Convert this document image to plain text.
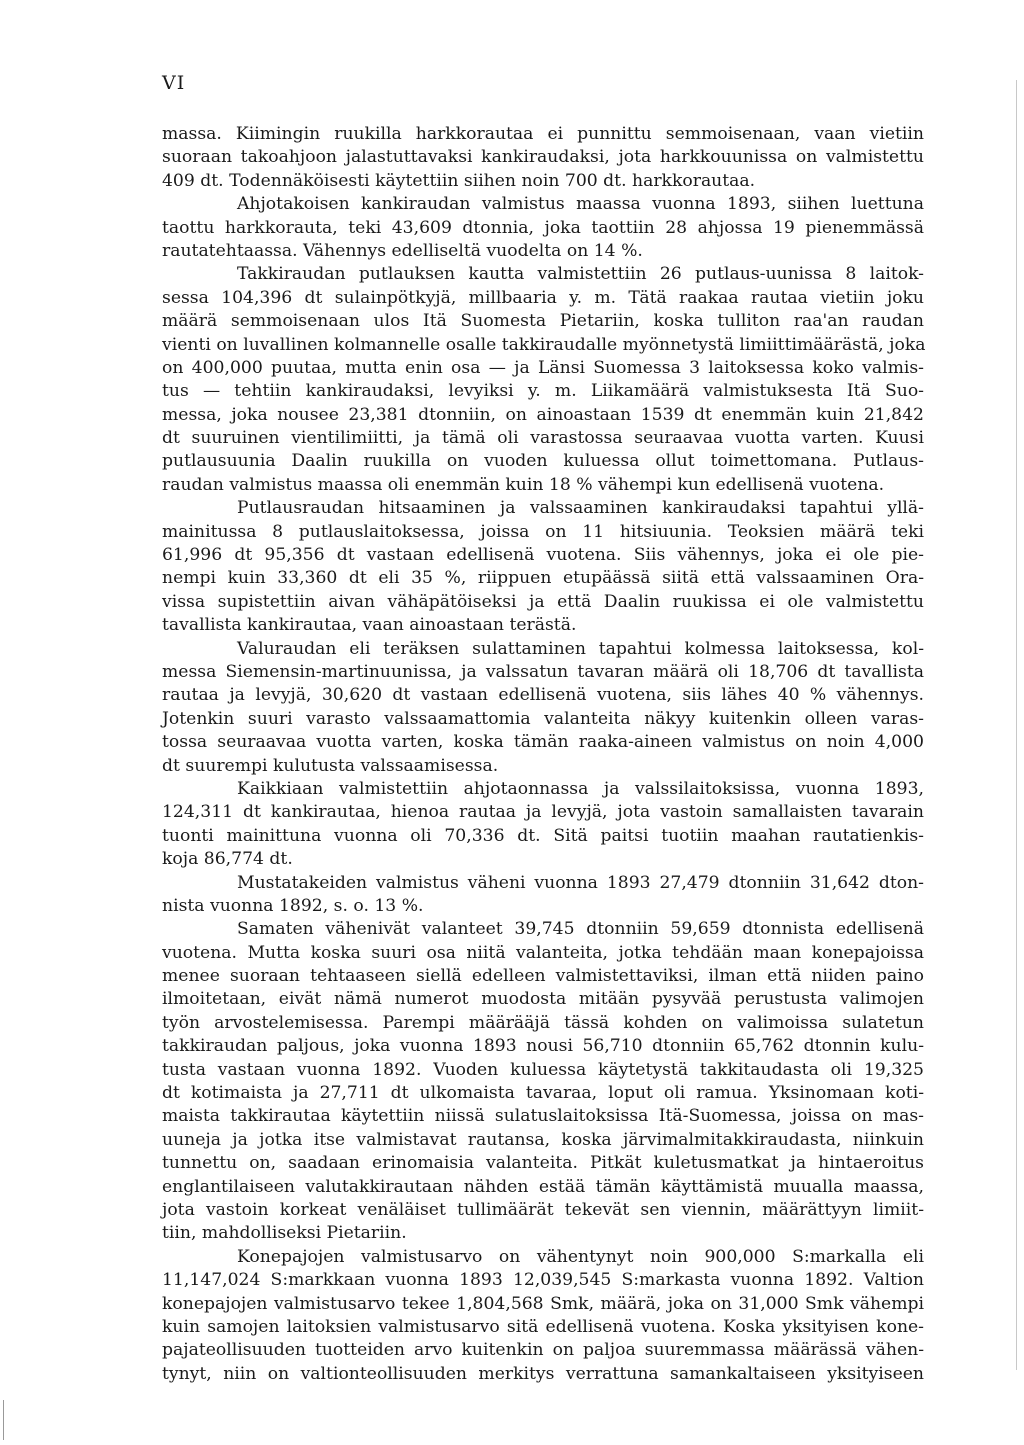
VI
massa. Kiimingin ruukilla harkkorautaa ei punnittu semmoisenaan, vaan vietiin
suoraan takoahjoon jalastuttavaksi kankiraudaksi, jota harkkouunissa on valmistettu
409 dt. Todennäköisesti käytettiin siihen noin 700 dt. harkkorautaa.
Ahjotakoisen kankiraudan valmistus maassa vuonna 1893, siihen luettuna
taottu harkkorauta, teki 43,609 dtonnia, joka taottiin 28 ahjossa 19 pienemmässä
rautatehtaassa. Vähennys edelliseltä vuodelta on 14 %.
Takkiraudan putlauksen kautta valmistettiin 26 putlaus-uunissa 8 laitok-
sessa 104,396 dt sulainpötkyjä, millbaaria y. m. Tätä raakaa rautaa vietiin joku
määrä semmoisenaan ulos Itä Suomesta Pietariin, koska tulliton raa'an raudan
vienti on luvallinen kolmannelle osalle takkiraudalle myönnetystä limiittimäärästä, joka
on 400,000 puutaa, mutta enin osa — ja Länsi Suomessa 3 laitoksessa koko valmis-
tus — tehtiin kankiraudaksi, levyiksi y. m. Liikamäärä valmistuksesta Itä Suo-
messa, joka nousee 23,381 dtonniin, on ainoastaan 1539 dt enemmän kuin 21,842
dt suuruinen vientilimiitti, ja tämä oli varastossa seuraavaa vuotta varten. Kuusi
putlausuunia Daalin ruukilla on vuoden kuluessa ollut toimettomana. Putlaus-
raudan valmistus maassa oli enemmän kuin 18 % vähempi kun edellisenä vuotena.
Putlausraudan hitsaaminen ja valssaaminen kankiraudaksi tapahtui yllä-
mainitussa 8 putlauslaitoksessa, joissa on 11 hitsiuunia. Teoksien määrä teki
61,996 dt 95,356 dt vastaan edellisenä vuotena. Siis vähennys, joka ei ole pie-
nempi kuin 33,360 dt eli 35 %, riippuen etupäässä siitä että valssaaminen Ora-
vissa supistettiin aivan vähäpätöiseksi ja että Daalin ruukissa ei ole valmistettu
tavallista kankirautaa, vaan ainoastaan terästä.
Valuraudan eli teräksen sulattaminen tapahtui kolmessa laitoksessa, kol-
messa Siemensin-martinuunissa, ja valssatun tavaran määrä oli 18,706 dt tavallista
rautaa ja levyjä, 30,620 dt vastaan edellisenä vuotena, siis lähes 40 % vähennys.
Jotenkin suuri varasto valssaamattomia valanteita näkyy kuitenkin olleen varas-
tossa seuraavaa vuotta varten, koska tämän raaka-aineen valmistus on noin 4,000
dt suurempi kulutusta valssaamisessa.
Kaikkiaan valmistettiin ahjotaonnassa ja valssilaitoksissa, vuonna 1893,
124,311 dt kankirautaa, hienoa rautaa ja levyjä, jota vastoin samallaisten tavarain
tuonti mainittuna vuonna oli 70,336 dt. Sitä paitsi tuotiin maahan rautatienkis-
koja 86,774 dt.
Mustatakeiden valmistus väheni vuonna 1893 27,479 dtonniin 31,642 dton-
nista vuonna 1892, s. o. 13 %.
Samaten vähenivät valanteet 39,745 dtonniin 59,659 dtonnista edellisenä
vuotena. Mutta koska suuri osa niitä valanteita, jotka tehdään maan konepajoissa
menee suoraan tehtaaseen siellä edelleen valmistettaviksi, ilman että niiden paino
ilmoitetaan, eivät nämä numerot muodosta mitään pysyvää perustusta valimojen
työn arvostelemisessa. Parempi määrääjä tässä kohden on valimoissa sulatetun
takkiraudan paljous, joka vuonna 1893 nousi 56,710 dtonniin 65,762 dtonnin kulu-
tusta vastaan vuonna 1892. Vuoden kuluessa käytetystä takkitaudasta oli 19,325
dt kotimaista ja 27,711 dt ulkomaista tavaraa, loput oli ramua. Yksinomaan koti-
maista takkirautaa käytettiin niissä sulatuslaitoksissa Itä-Suomessa, joissa on mas-
uuneja ja jotka itse valmistavat rautansa, koska järvimalmitakkiraudasta, niinkuin
tunnettu on, saadaan erinomaisia valanteita. Pitkät kuletusmatkat ja hintaeroitus
englantilaiseen valutakkirautaan nähden estää tämän käyttämistä muualla maassa,
jota vastoin korkeat venäläiset tullimäärät tekevät sen viennin, määrättyyn limiit-
tiin, mahdolliseksi Pietariin.
Konepajojen valmistusarvo on vähentynyt noin 900,000 S:markalla eli
11,147,024 S:markkaan vuonna 1893 12,039,545 S:markasta vuonna 1892. Valtion
konepajojen valmistusarvo tekee 1,804,568 Smk, määrä, joka on 31,000 Smk vähempi
kuin samojen laitoksien valmistusarvo sitä edellisenä vuotena. Koska yksityisen kone-
pajateollisuuden tuotteiden arvo kuitenkin on paljoa suuremmassa määrässä vähen-
tynyt, niin on valtionteollisuuden merkitys verrattuna samankaltaiseen yksityiseen
